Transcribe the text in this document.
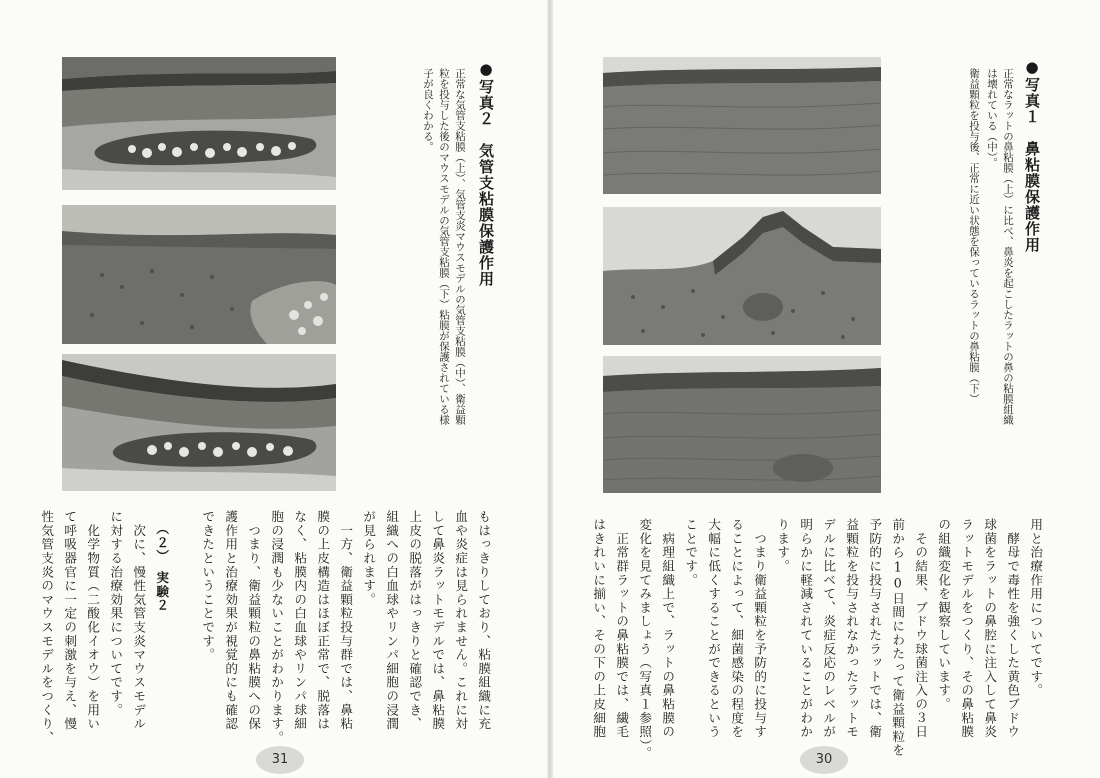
●写真２　気管支粘膜保護作用
正常な気管支粘膜（上）、気管支炎マウスモデルの気管支粘膜（中）、衛益顆
粒を投与した後のマウスモデルの気管支粘膜（下）粘膜が保護されている様
子が良くわかる。
もはっきりしており、粘膜組織に充
血や炎症は見られません。これに対
して鼻炎ラットモデルでは、鼻粘膜
上皮の脱落がはっきりと確認でき、
組織への白血球やリンパ細胞の浸潤
が見られます。
　一方、衛益顆粒投与群では、鼻粘
膜の上皮構造はほぼ正常で、脱落は
なく、粘膜内の白血球やリンパ球細
胞の浸潤も少ないことがわかります。
　つまり、衛益顆粒の鼻粘膜への保
護作用と治療効果が視覚的にも確認
できたということです。
（２）　実験２
　次に、慢性気管支炎マウスモデル
に対する治療効果についてです。
　化学物質（二酸化イオウ）を用い
て呼吸器官に一定の刺激を与え、慢
性気管支炎のマウスモデルをつくり、
31
●写真１　鼻粘膜保護作用
正常なラットの鼻粘膜（上）に比べ、鼻炎を起こしたラットの鼻の粘膜組織
は壊れている（中）。
衛益顆粒を投与後、正常に近い状態を保っているラットの鼻粘膜（下）
用と治療作用についてです。
　酵母で毒性を強くした黄色ブドウ
球菌をラットの鼻腔に注入して鼻炎
ラットモデルをつくり、その鼻粘膜
の組織変化を観察しています。
　その結果、ブドウ球菌注入の３日
前から10日間にわたって衛益顆粒を
予防的に投与されたラットでは、衛
益顆粒を投与されなかったラットモ
デルに比べて、炎症反応のレベルが
明らかに軽減されていることがわか
ります。
　つまり衛益顆粒を予防的に投与す
ることによって、細菌感染の程度を
大幅に低くすることができるという
ことです。
　病理組織上で、ラットの鼻粘膜の
変化を見てみましょう（写真１参照）。
　正常群ラットの鼻粘膜では、繊毛
はきれいに揃い、その下の上皮細胞
30
